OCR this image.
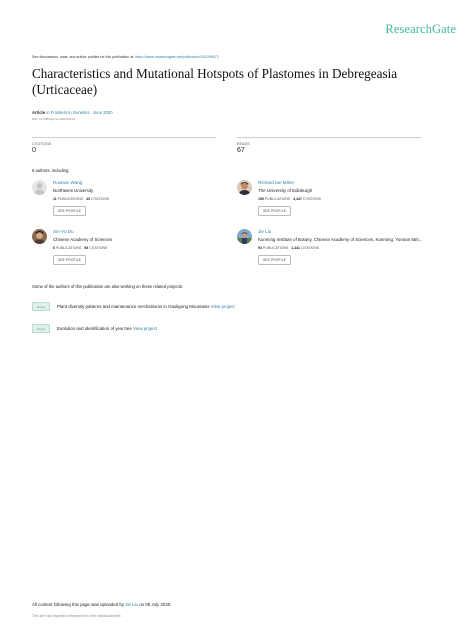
ResearchGate
See discussions, stats, and author profiles for this publication at: https://www.researchgate.net/publication/342296072
Characteristics and Mutational Hotspots of Plastomes in Debregeasia (Urticaceae)
Article in Frontiers in Genetics · June 2020
DOI: 10.3389/fgene.2020.00729
CITATIONS
0
READS
67
5 authors, including:
Ruonan Wang
Northwest University
11 PUBLICATIONS 43 CITATIONS
SEE PROFILE
Richard Ian Milne
The University of Edinburgh
159 PUBLICATIONS 3,447 CITATIONS
SEE PROFILE
Xin-Yu Du
Chinese Academy of Sciences
6 PUBLICATIONS 56 CITATIONS
SEE PROFILE
Jie Liu
Kunming Institute of Botany, Chinese Academy of Sciences, Kunming, Yunnan 650...
93 PUBLICATIONS 1,441 CITATIONS
SEE PROFILE
Some of the authors of this publication are also working on these related projects:
Project	Plant diversity patterns and maintenance mechanisms in Gaoligong Mountains View project
Project	Evolution and identification of yew tree View project
All content following this page was uploaded by Jie Liu on 08 July 2020.
The user has requested enhancement of the downloaded file.
